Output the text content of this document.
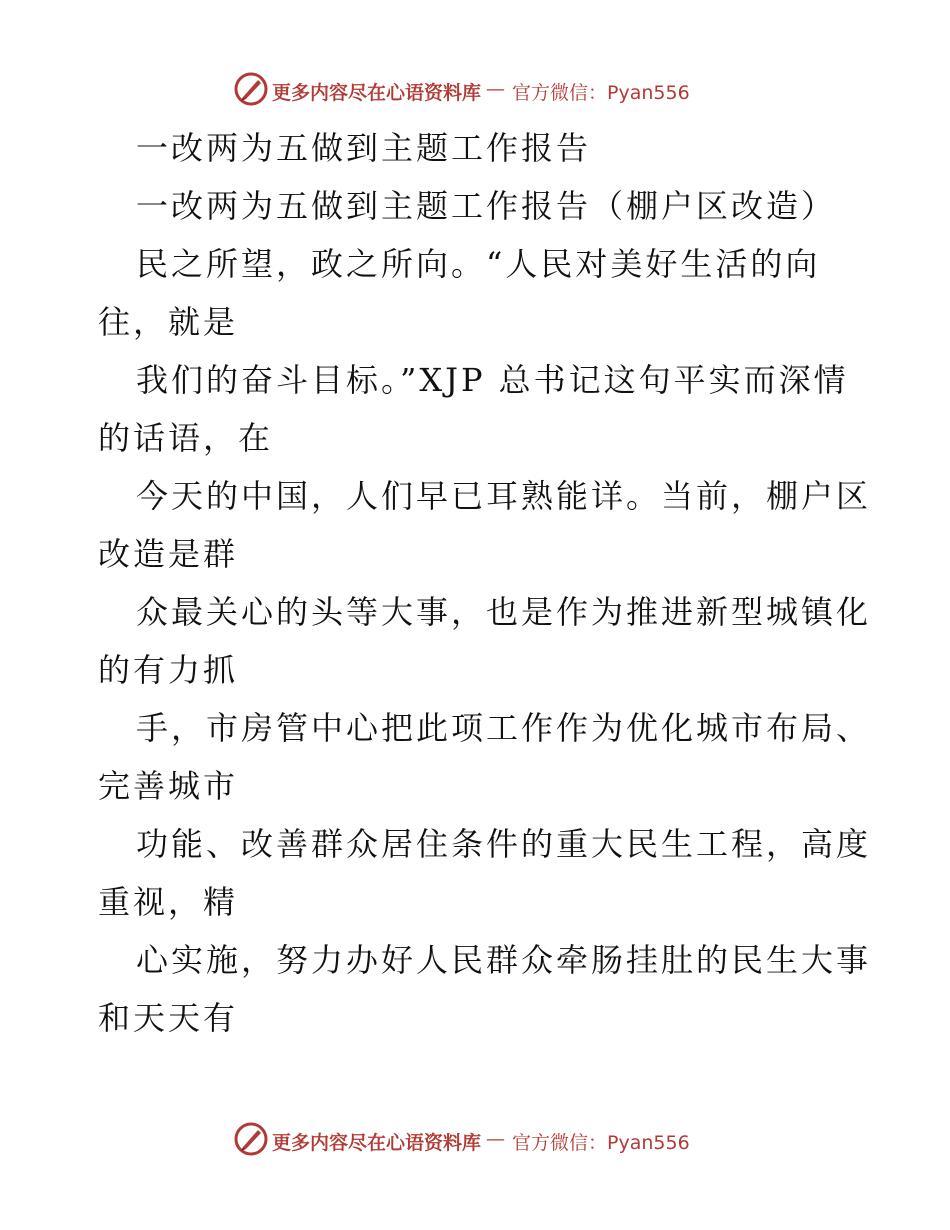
更多内容尽在心语资料库 — 官方微信：Pyan556
一改两为五做到主题工作报告
一改两为五做到主题工作报告（棚户区改造）
民之所望，政之所向。“人民对美好生活的向
往，就是
我们的奋斗目标。”XJP 总书记这句平实而深情
的话语，在
今天的中国，人们早已耳熟能详。当前，棚户区
改造是群
众最关心的头等大事，也是作为推进新型城镇化
的有力抓
手，市房管中心把此项工作作为优化城市布局、
完善城市
功能、改善群众居住条件的重大民生工程，高度
重视，精
心实施，努力办好人民群众牵肠挂肚的民生大事
和天天有
更多内容尽在心语资料库 — 官方微信：Pyan556
